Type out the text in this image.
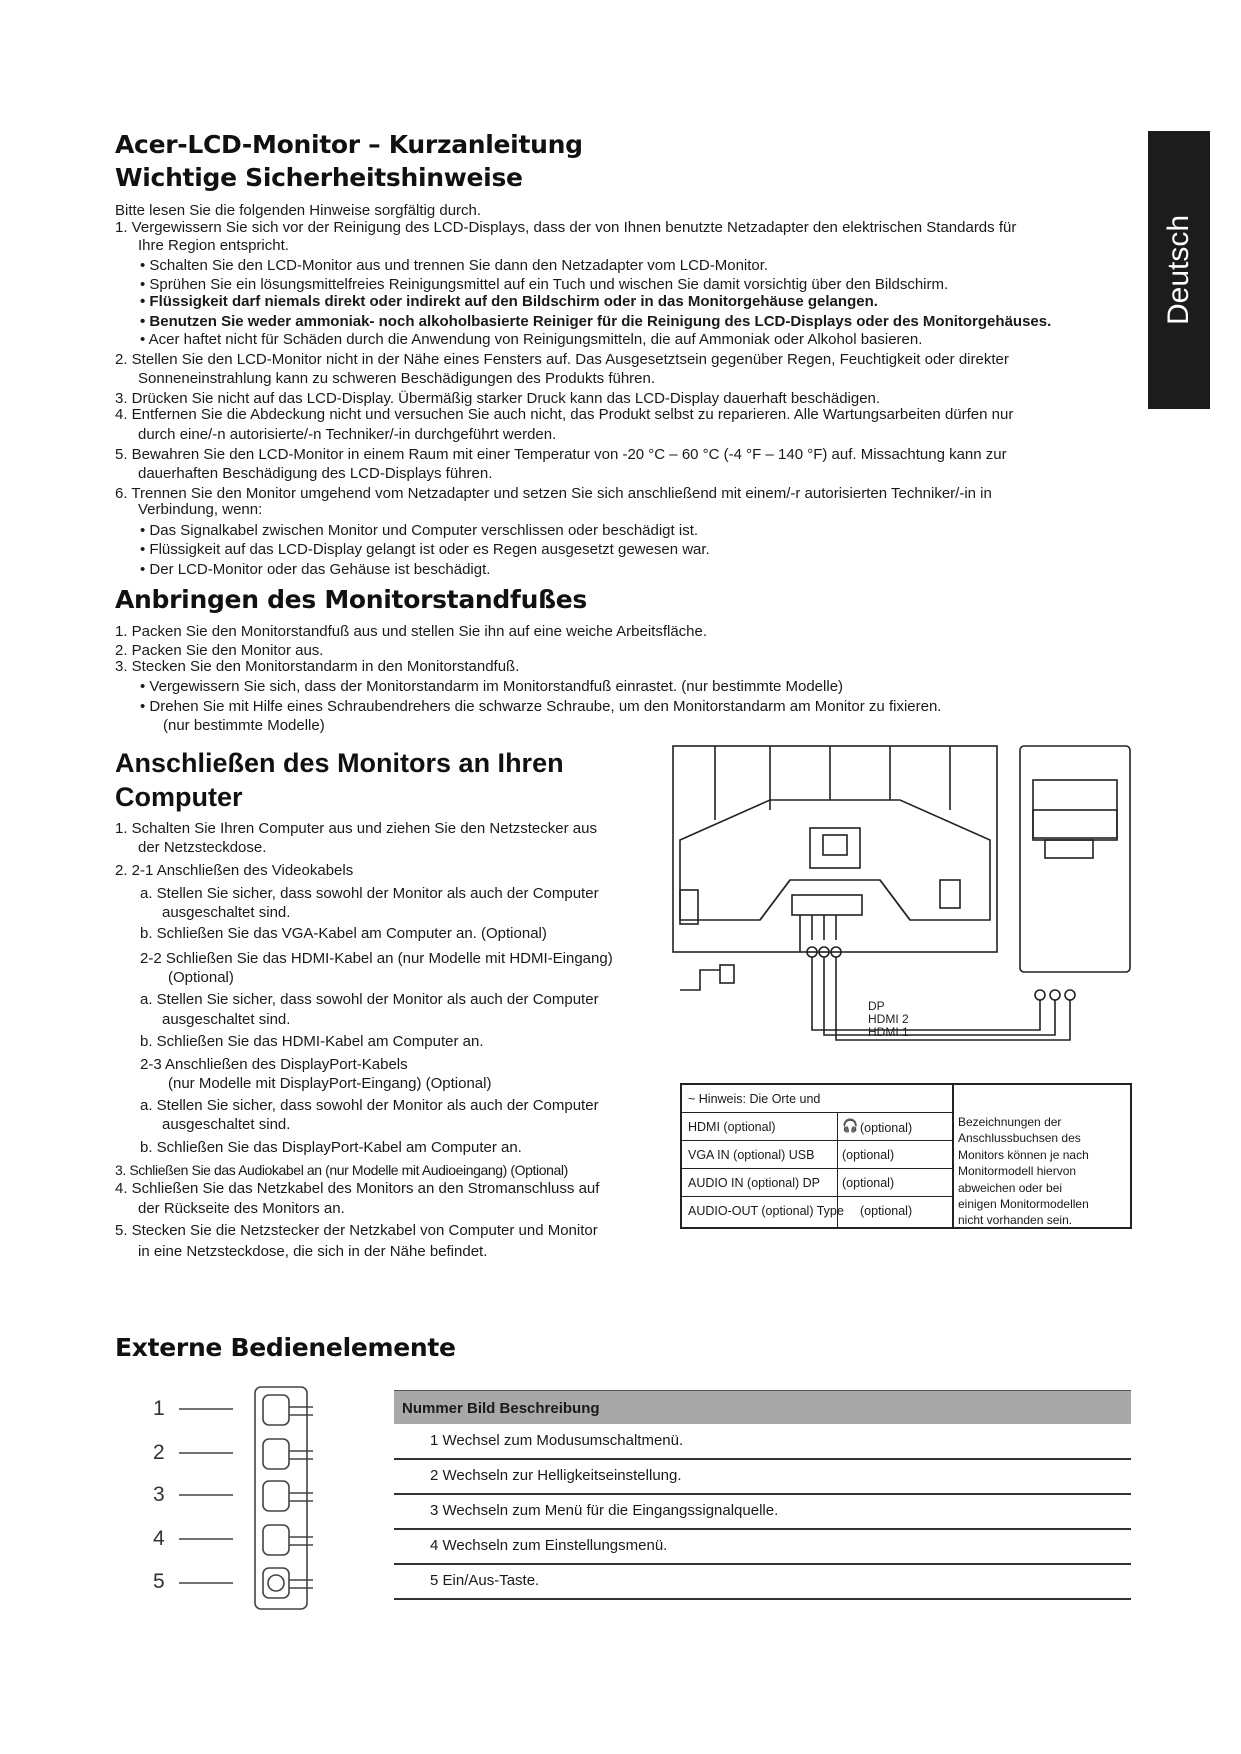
Deutsch
Acer-LCD-Monitor – Kurzanleitung
Wichtige Sicherheitshinweise
Bitte lesen Sie die folgenden Hinweise sorgfältig durch.
1. Vergewissern Sie sich vor der Reinigung des LCD-Displays, dass der von Ihnen benutzte Netzadapter den elektrischen Standards für
Ihre Region entspricht.
• Schalten Sie den LCD-Monitor aus und trennen Sie dann den Netzadapter vom LCD-Monitor.
• Sprühen Sie ein lösungsmittelfreies Reinigungsmittel auf ein Tuch und wischen Sie damit vorsichtig über den Bildschirm.
• Flüssigkeit darf niemals direkt oder indirekt auf den Bildschirm oder in das Monitorgehäuse gelangen.
• Benutzen Sie weder ammoniak- noch alkoholbasierte Reiniger für die Reinigung des LCD-Displays oder des Monitorgehäuses.
• Acer haftet nicht für Schäden durch die Anwendung von Reinigungsmitteln, die auf Ammoniak oder Alkohol basieren.
2. Stellen Sie den LCD-Monitor nicht in der Nähe eines Fensters auf. Das Ausgesetztsein gegenüber Regen, Feuchtigkeit oder direkter
Sonneneinstrahlung kann zu schweren Beschädigungen des Produkts führen.
3. Drücken Sie nicht auf das LCD-Display. Übermäßig starker Druck kann das LCD-Display dauerhaft beschädigen.
4. Entfernen Sie die Abdeckung nicht und versuchen Sie auch nicht, das Produkt selbst zu reparieren. Alle Wartungsarbeiten dürfen nur
durch eine/-n autorisierte/-n Techniker/-in durchgeführt werden.
5. Bewahren Sie den LCD-Monitor in einem Raum mit einer Temperatur von -20 °C – 60 °C (-4 °F – 140 °F) auf. Missachtung kann zur
dauerhaften Beschädigung des LCD-Displays führen.
6. Trennen Sie den Monitor umgehend vom Netzadapter und setzen Sie sich anschließend mit einem/-r autorisierten Techniker/-in in
Verbindung, wenn:
• Das Signalkabel zwischen Monitor und Computer verschlissen oder beschädigt ist.
• Flüssigkeit auf das LCD-Display gelangt ist oder es Regen ausgesetzt gewesen war.
• Der LCD-Monitor oder das Gehäuse ist beschädigt.
Anbringen des Monitorstandfußes
1. Packen Sie den Monitorstandfuß aus und stellen Sie ihn auf eine weiche Arbeitsfläche.
2. Packen Sie den Monitor aus.
3. Stecken Sie den Monitorstandarm in den Monitorstandfuß.
• Vergewissern Sie sich, dass der Monitorstandarm im Monitorstandfuß einrastet. (nur bestimmte Modelle)
• Drehen Sie mit Hilfe eines Schraubendrehers die schwarze Schraube, um den Monitorstandarm am Monitor zu fixieren.
(nur bestimmte Modelle)
Anschließen des Monitors an Ihren
Computer
1. Schalten Sie Ihren Computer aus und ziehen Sie den Netzstecker aus
der Netzsteckdose.
2. 2-1 Anschließen des Videokabels
a. Stellen Sie sicher, dass sowohl der Monitor als auch der Computer
ausgeschaltet sind.
b. Schließen Sie das VGA-Kabel am Computer an. (Optional)
2-2 Schließen Sie das HDMI-Kabel an (nur Modelle mit HDMI-Eingang)
(Optional)
a. Stellen Sie sicher, dass sowohl der Monitor als auch der Computer
ausgeschaltet sind.
b. Schließen Sie das HDMI-Kabel am Computer an.
2-3 Anschließen des DisplayPort-Kabels
(nur Modelle mit DisplayPort-Eingang) (Optional)
a. Stellen Sie sicher, dass sowohl der Monitor als auch der Computer
ausgeschaltet sind.
b. Schließen Sie das DisplayPort-Kabel am Computer an.
3. Schließen Sie das Audiokabel an (nur Modelle mit Audioeingang) (Optional)
4. Schließen Sie das Netzkabel des Monitors an den Stromanschluss auf
der Rückseite des Monitors an.
5. Stecken Sie die Netzstecker der Netzkabel von Computer und Monitor
in eine Netzsteckdose, die sich in der Nähe befindet.
DP
HDMI 2
HDMI 1
~ Hinweis: Die Orte und
HDMI (optional)	🎧 (optional)
VGA IN (optional) USB (optional)
AUDIO IN (optional) DP (optional)
AUDIO-OUT (optional) Type (optional)
Bezeichnungen der
Anschlussbuchsen des
Monitors können je nach
Monitormodell hiervon
abweichen oder bei
einigen Monitormodellen
nicht vorhanden sein.
Externe Bedienelemente
1
2
3
4
5
Nummer Bild Beschreibung
1 Wechsel zum Modusumschaltmenü.
2 Wechseln zur Helligkeitseinstellung.
3 Wechseln zum Menü für die Eingangssignalquelle.
4 Wechseln zum Einstellungsmenü.
5 Ein/Aus-Taste.
